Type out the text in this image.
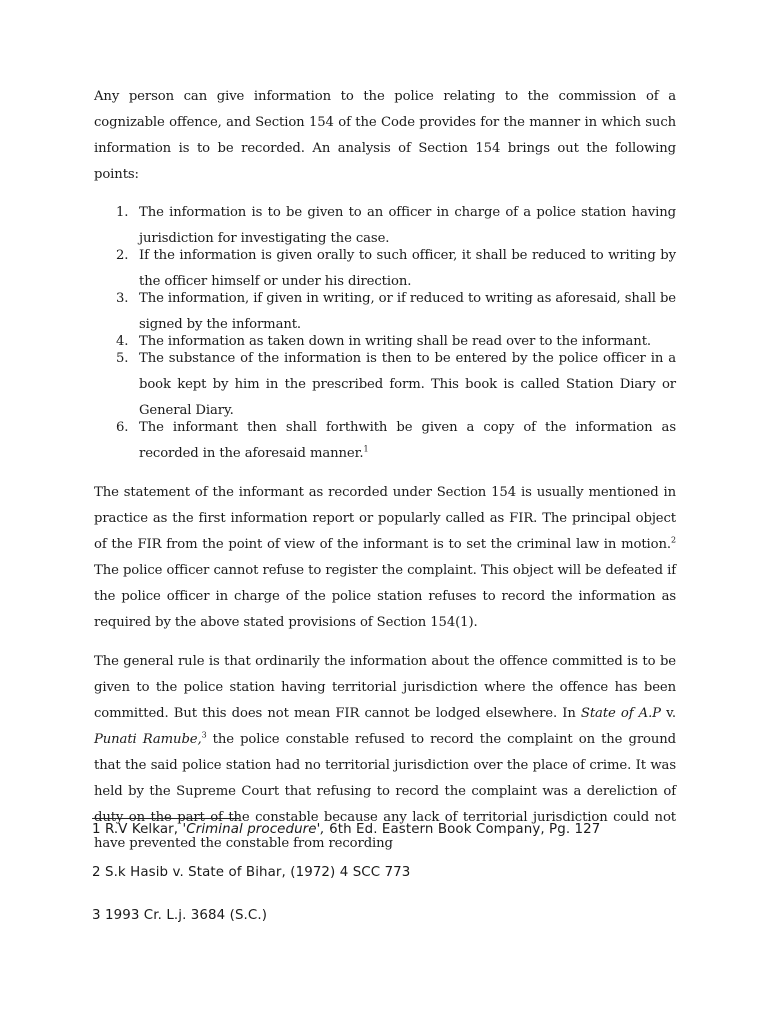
Any person can give information to the police relating to the commission of a cognizable offence, and Section 154 of the Code provides for the manner in which such information is to be recorded. An analysis of Section 154 brings out the following points:

1. The information is to be given to an officer in charge of a police station having jurisdiction for investigating the case.
2. If the information is given orally to such officer, it shall be reduced to writing by the officer himself or under his direction.
3. The information, if given in writing, or if reduced to writing as aforesaid, shall be signed by the informant.
4. The information as taken down in writing shall be read over to the informant.
5. The substance of the information is then to be entered by the police officer in a book kept by him in the prescribed form. This book is called Station Diary or General Diary.
6. The informant then shall forthwith be given a copy of the information as recorded in the aforesaid manner.$^1$

The statement of the informant as recorded under Section 154 is usually mentioned in practice as the first information report or popularly called as FIR. The principal object of the FIR from the point of view of the informant is to set the criminal law in motion.$^2$ The police officer cannot refuse to register the complaint. This object will be defeated if the police officer in charge of the police station refuses to record the information as required by the above stated provisions of Section 154(1).

The general rule is that ordinarily the information about the offence committed is to be given to the police station having territorial jurisdiction where the offence has been committed. But this does not mean FIR cannot be lodged elsewhere. In State of A.P v. Punati Ramube,$^3$ the police constable refused to record the complaint on the ground that the said police station had no territorial jurisdiction over the place of crime. It was held by the Supreme Court that refusing to record the complaint was a dereliction of duty on the part of the constable because any lack of territorial jurisdiction could not have prevented the constable from recording

1 R.V Kelkar, 'Criminal procedure', 6th Ed. Eastern Book Company, Pg. 127
2 S.k Hasib v. State of Bihar, (1972) 4 SCC 773
3 1993 Cr. L.j. 3684 (S.C.)
